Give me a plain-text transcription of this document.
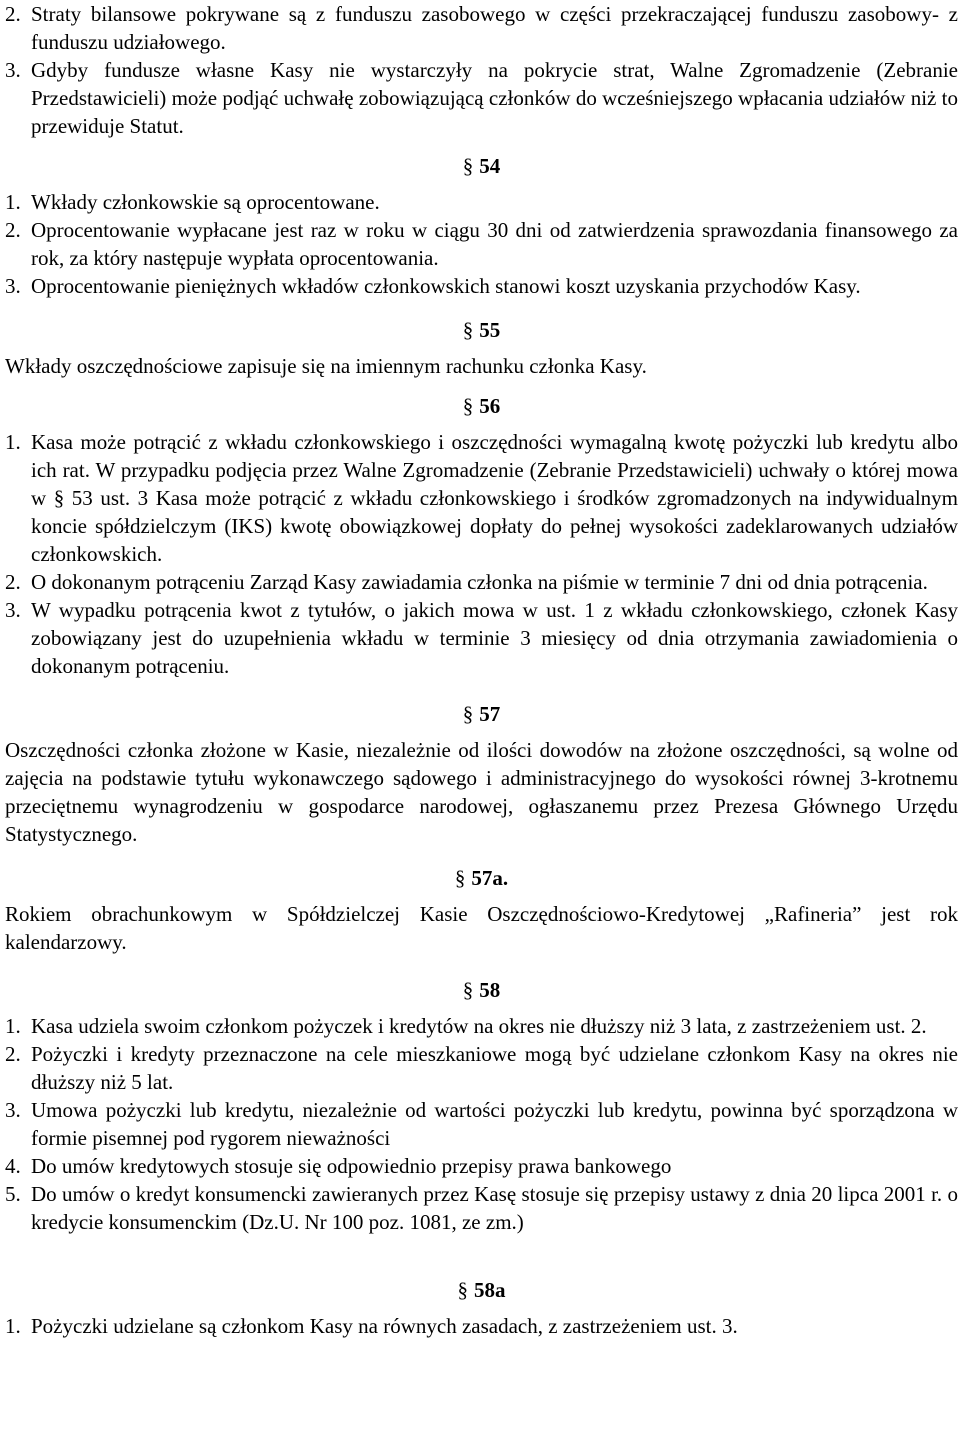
2. Straty bilansowe pokrywane są z funduszu zasobowego w części przekraczającej funduszu zasobowy- z funduszu udziałowego.
3. Gdyby fundusze własne Kasy nie wystarczyły na pokrycie strat, Walne Zgromadzenie (Zebranie Przedstawicieli) może podjąć uchwałę zobowiązującą członków do wcześniejszego wpłacania udziałów niż to przewiduje Statut.
§ 54
1. Wkłady członkowskie są oprocentowane.
2. Oprocentowanie wypłacane jest raz w roku w ciągu 30 dni od zatwierdzenia sprawozdania finansowego za rok, za który następuje wypłata oprocentowania.
3. Oprocentowanie pieniężnych wkładów członkowskich stanowi koszt uzyskania przychodów Kasy.
§ 55
Wkłady oszczędnościowe zapisuje się na imiennym rachunku członka Kasy.
§ 56
1. Kasa może potrącić z wkładu członkowskiego i oszczędności wymagalną kwotę pożyczki lub kredytu albo ich rat. W przypadku podjęcia przez Walne Zgromadzenie (Zebranie Przedstawicieli) uchwały o której mowa w § 53 ust. 3 Kasa może potrącić z wkładu członkowskiego i środków zgromadzonych na indywidualnym koncie spółdzielczym (IKS) kwotę obowiązkowej dopłaty do pełnej wysokości zadeklarowanych udziałów członkowskich.
2. O dokonanym potrąceniu Zarząd Kasy zawiadamia członka na piśmie w terminie 7 dni od dnia potrącenia.
3. W wypadku potrącenia kwot z tytułów, o jakich mowa w ust. 1 z wkładu członkowskiego, członek Kasy zobowiązany jest do uzupełnienia wkładu w terminie 3 miesięcy od dnia otrzymania zawiadomienia o dokonanym potrąceniu.
§ 57
Oszczędności członka złożone w Kasie, niezależnie od ilości dowodów na złożone oszczędności, są wolne od zajęcia na podstawie tytułu wykonawczego sądowego i administracyjnego do wysokości równej 3-krotnemu przeciętnemu wynagrodzeniu w gospodarce narodowej, ogłaszanemu przez Prezesa Głównego Urzędu Statystycznego.
§ 57a.
Rokiem obrachunkowym w Spółdzielczej Kasie Oszczędnościowo-Kredytowej „Rafineria” jest rok kalendarzowy.
§ 58
1. Kasa udziela swoim członkom pożyczek i kredytów na okres nie dłuższy niż 3 lata, z zastrzeżeniem ust. 2.
2. Pożyczki i kredyty przeznaczone na cele mieszkaniowe mogą być udzielane członkom Kasy na okres nie dłuższy niż 5 lat.
3. Umowa pożyczki lub kredytu, niezależnie od wartości pożyczki lub kredytu, powinna być sporządzona w formie pisemnej pod rygorem nieważności
4. Do umów kredytowych stosuje się odpowiednio przepisy prawa bankowego
5. Do umów o kredyt konsumencki zawieranych przez Kasę stosuje się przepisy ustawy z dnia 20 lipca 2001 r. o kredycie konsumenckim (Dz.U. Nr 100 poz. 1081, ze zm.)
§ 58a
1. Pożyczki udzielane są członkom Kasy na równych zasadach, z zastrzeżeniem ust. 3.
